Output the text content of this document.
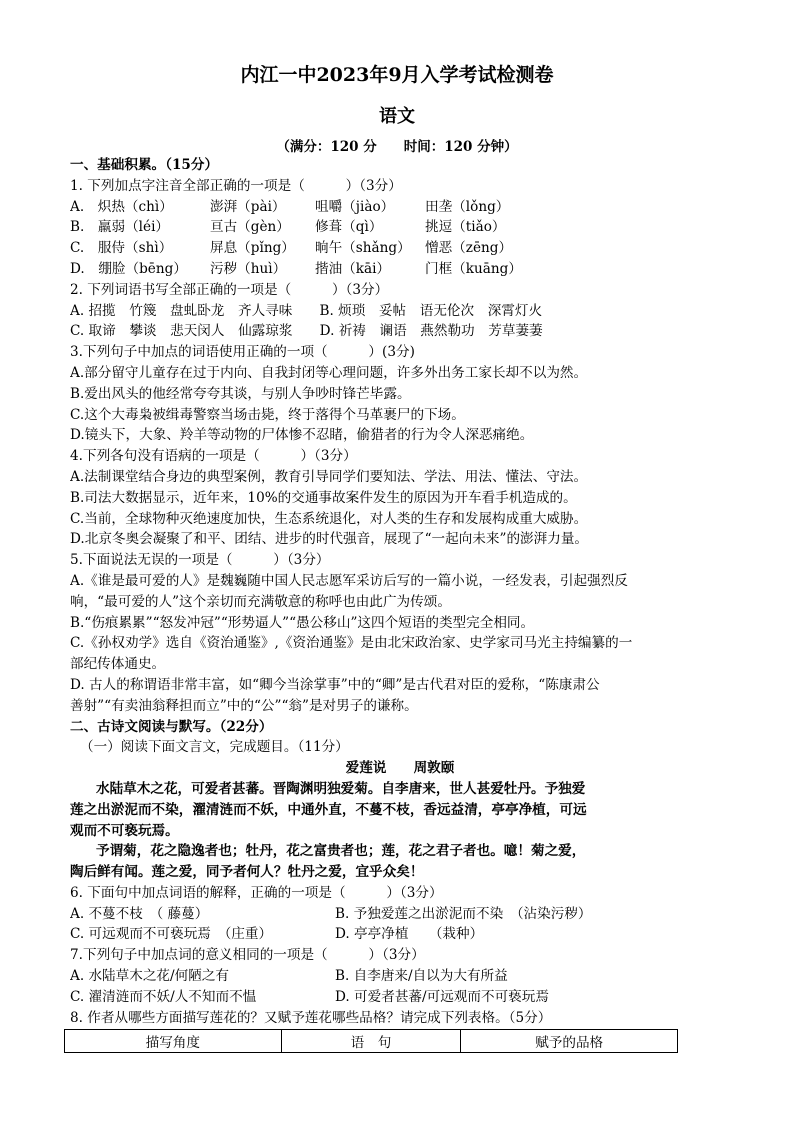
内江一中2023年9月入学考试检测卷
语文
（满分：120 分　　时间：120 分钟）
一、基础积累。（15分）
1. 下列加点字注音全部正确的一项是（　　　）（3分）
A.　炽热（chì）	澎湃（pài） 咀嚼（jiào） 田垄（lǒng）
B.　羸弱（léi）	亘古（gèn） 修葺（qì）	挑逗（tiǎo）
C.　服侍（shì）	屏息（pǐng） 晌午（shǎng） 憎恶（zēng）
D.　绷脸（bēng） 污秽（huì） 揩油（kāi）	门框（kuāng）
2. 下列词语书写全部正确的一项是（　　　）（3分）
A. 招揽　竹篾　盘虬卧龙　齐人寻味　　B. 烦琐　妥帖　语无伦次　深霄灯火
C. 取谛　攀谈　悲天闵人　仙露琼浆　　D. 祈祷　谰语　燕然勒功　芳草萋萋
3.下列句子中加点的词语使用正确的一项（　　　）(3分)
A.部分留守儿童存在过于内向、自我封闭等心理问题，许多外出务工家长却不以为然。
B.爱出风头的他经常夸夸其谈，与别人争吵时锋芒毕露。
C.这个大毒枭被缉毒警察当场击毙，终于落得个马革裹尸的下场。
D.镜头下，大象、羚羊等动物的尸体惨不忍睹，偷猎者的行为令人深恶痛绝。
4.下列各句没有语病的一项是（　　　）（3分）
A.法制课堂结合身边的典型案例，教育引导同学们要知法、学法、用法、懂法、守法。
B.司法大数据显示，近年来，10%的交通事故案件发生的原因为开车看手机造成的。
C.当前，全球物种灭绝速度加快，生态系统退化，对人类的生存和发展构成重大威胁。
D.北京冬奥会凝聚了和平、团结、进步的时代强音，展现了“一起向未来”的澎湃力量。
5.下面说法无误的一项是（　　　）（3分）
A.《谁是最可爱的人》是魏巍随中国人民志愿军采访后写的一篇小说，一经发表，引起强烈反
响，“最可爱的人”这个亲切而充满敬意的称呼也由此广为传颂。
B.“伤痕累累”“怒发冲冠”“形势逼人”“愚公移山”这四个短语的类型完全相同。
C.《孙权劝学》选自《资治通鉴》,《资治通鉴》是由北宋政治家、史学家司马光主持编纂的一
部纪传体通史。
D. 古人的称谓语非常丰富，如“卿今当涂掌事”中的“卿”是古代君对臣的爱称，“陈康肃公
善射”“有卖油翁释担而立”中的“公”“翁”是对男子的谦称。
二、古诗文阅读与默写。（22分）
（一）阅读下面文言文，完成题目。（11分）
爱莲说　　周敦颐
水陆草木之花，可爱者甚蕃。晋陶渊明独爱菊。自李唐来，世人甚爱牡丹。予独爱
莲之出淤泥而不染，濯清涟而不妖，中通外直，不蔓不枝，香远益清，亭亭净植，可远
观而不可亵玩焉。
予谓菊，花之隐逸者也；牡丹，花之富贵者也；莲，花之君子者也。噫！菊之爱，
陶后鲜有闻。莲之爱，同予者何人？牡丹之爱，宜乎众矣！
6. 下面句中加点词语的解释，正确的一项是（　　　）（3分）
A. 不蔓不枝　（ 藤蔓）	B. 予独爱莲之出淤泥而不染　（沾染污秽）
C. 可远观而不可亵玩焉　（庄重）	D. 亭亭净植　　（栽种）
7.下列句子中加点词的意义相同的一项是（　　　）（3分）
A. 水陆草木之花/何陋之有	B. 自李唐来/自以为大有所益
C. 濯清涟而不妖/人不知而不愠	D. 可爱者甚蕃/可远观而不可亵玩焉
8. 作者从哪些方面描写莲花的？又赋予莲花哪些品格？请完成下列表格。（5分）
描写角度	语　句	赋予的品格
